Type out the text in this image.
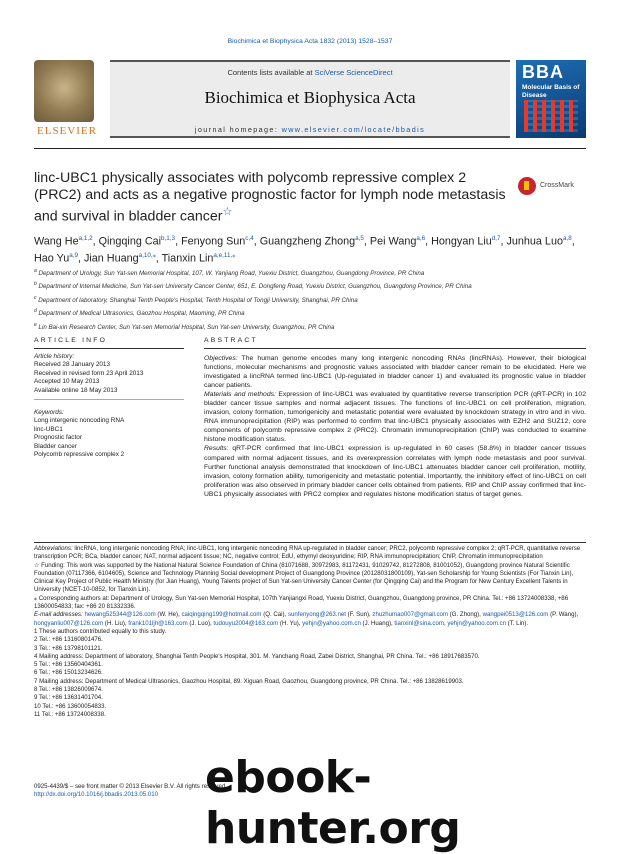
Biochimica et Biophysica Acta 1832 (2013) 1528–1537
ELSEVIER
Contents lists available at SciVerse ScienceDirect
Biochimica et Biophysica Acta
journal homepage: www.elsevier.com/locate/bbadis
BBA
Molecular Basis of Disease
linc-UBC1 physically associates with polycomb repressive complex 2 (PRC2) and acts as a negative prognostic factor for lymph node metastasis and survival in bladder cancer☆
CrossMark
Wang He$^{a,1,2}$, Qingqing Cai$^{b,1,3}$, Fenyong Sun$^{c,4}$, Guangzheng Zhong$^{a,5}$, Pei Wang$^{a,6}$, Hongyan Liu$^{d,7}$, Junhua Luo$^{a,8}$, Hao Yu$^{a,9}$, Jian Huang$^{a,10,⁎}$, Tianxin Lin$^{a,e,11,⁎}$
$^a$ Department of Urology, Sun Yat-sen Memorial Hospital, 107, W. Yanjiang Road, Yuexiu District, Guangzhou, Guangdong Province, PR China
$^b$ Department of Internal Medicine, Sun Yat-sen University Cancer Center, 651, E. Dongfeng Road, Yuexiu District, Guangzhou, Guangdong Province, PR China
$^c$ Department of laboratory, Shanghai Tenth People's Hospital, Tenth Hospital of Tongji University, Shanghai, PR China
$^d$ Department of Medical Ultrasonics, Gaozhou Hospital, Maoming, PR China
$^e$ Lin Bai-xin Research Center, Sun Yat-sen Memorial Hospital, Sun Yat-sen University, Guangzhou, PR China
ARTICLE INFO	ABSTRACT
Article history:
Received 28 January 2013
Received in revised form 23 April 2013
Accepted 10 May 2013
Available online 18 May 2013
Keywords:
Long intergenic noncoding RNA
linc-UBC1
Prognostic factor
Bladder cancer
Polycomb repressive complex 2

Objectives: The human genome encodes many long intergenic noncoding RNAs (lincRNAs). However, their biological functions, molecular mechanisms and prognostic values associated with bladder cancer remain to be elucidated. Here we investigated a lincRNA termed linc-UBC1 (Up-regulated in bladder cancer 1) and evaluated its prognostic value in bladder cancer patients.

Materials and methods: Expression of linc-UBC1 was evaluated by quantitative reverse transcription PCR (qRT-PCR) in 102 bladder cancer tissue samples and normal adjacent tissues. The functions of linc-UBC1 on cell proliferation, migration, invasion, colony formation, tumorigenicity and metastatic potential were evaluated by knockdown strategy in vitro and in vivo. RNA immunoprecipitation (RIP) was performed to confirm that linc-UBC1 physically associates with EZH2 and SUZ12, core components of polycomb repressive complex 2 (PRC2). Chromatin immunoprecipitation (ChIP) was conducted to examine histone modification status.

Results: qRT-PCR confirmed that linc-UBC1 expression is up-regulated in 60 cases (58.8%) in bladder cancer tissues compared with normal adjacent tissues, and its overexpression correlates with lymph node metastasis and poor survival. Further functional analysis demonstrated that knockdown of linc-UBC1 attenuates bladder cancer cell proliferation, motility, invasion, colony formation ability, tumorigenicity and metastatic potential. Importantly, the inhibitory effect of linc-UBC1 on cell proliferation was also observed in primary bladder cancer cells obtained from patients. RIP and ChIP assay confirmed that linc-UBC1 physically associates with PRC2 complex and regulates histone modification status of target genes.

Abbreviations: lincRNA, long intergenic noncoding RNA; linc-UBC1, long intergenic noncoding RNA up-regulated in bladder cancer; PRC2, polycomb repressive complex 2; qRT-PCR, quantitative reverse transcription PCR; BCa, bladder cancer; NAT, normal adjacent tissue; NC, negative control; EdU, ethymyl deoxyuridine; RIP, RNA immunoprecipitation; ChIP, Chromatin immunoprecipitation

☆ Funding: This work was supported by the National Natural Science Foundation of China (81071688, 30972983, 81172431, 91029742, 81272808, 81001052), Guangdong province Natural Scientific Foundation (07117366, 6104605), Science and Technology Planning Social development Project of Guangdong Province (20128031800109), Yat-sen Scholarship for Young Scientists (For Tianxin Lin), Clinical Key Project of Public Health Ministry (for Jian Huang), Young Talents project of Sun Yat-sen University Cancer Center (for Qingqing Cai) and the Program for New Century Excellent Talents in University (NCET-10-0852, for Tianxin Lin).

⁎ Corresponding authors at: Department of Urology, Sun Yat-sen Memorial Hospital, 107th Yanjiangxi Road, Yuexiu District, Guangzhou, Guangdong province, PR China. Tel.: +86 13724008338, +86 13600054833; fax: +86 20 81332336.

E-mail addresses: hewang525344@126.com (W. He), caiqingqing199@hotmail.com (Q. Cai), sunfenyong@263.net (F. Sun), zhuzhumao007@gmail.com (G. Zhong), wangpei0513@126.com (P. Wang), hongyanliu007@126.com (H. Liu), frank101ljh@163.com (J. Luo), tudouyu2004@163.com (H. Yu), yehjn@yahoo.com.cn (J. Huang), tianxinl@sina.com, yehjn@yahoo.com.cn (T. Lin).

1 These authors contributed equally to this study.

2 Tel.: +86 13160801476.

3 Tel.: +86 13798101121.

4 Mailing address: Department of laboratory, Shanghai Tenth People's Hospital, 301. M. Yanchang Road, Zabei District, Shanghai, PR China. Tel.: +86 18917683570.

5 Tel.: +86 13560404361.

6 Tel.: +86 15013234626.

7 Mailing address: Department of Medical Ultrasonics, Gaozhou Hospital, 89. Xiguan Road, Gaozhou, Guangdong province, PR China. Tel.: +86 13828619903.

8 Tel.: +86 13826009674.

9 Tel.: +86 13631401704.

10 Tel.: +86 13600054833.

11 Tel.: +86 13724008338.

0925-4439/$ – see front matter © 2013 Elsevier B.V. All rights reserved.
http://dx.doi.org/10.1016/j.bbadis.2013.05.010	ebook-hunter.org
